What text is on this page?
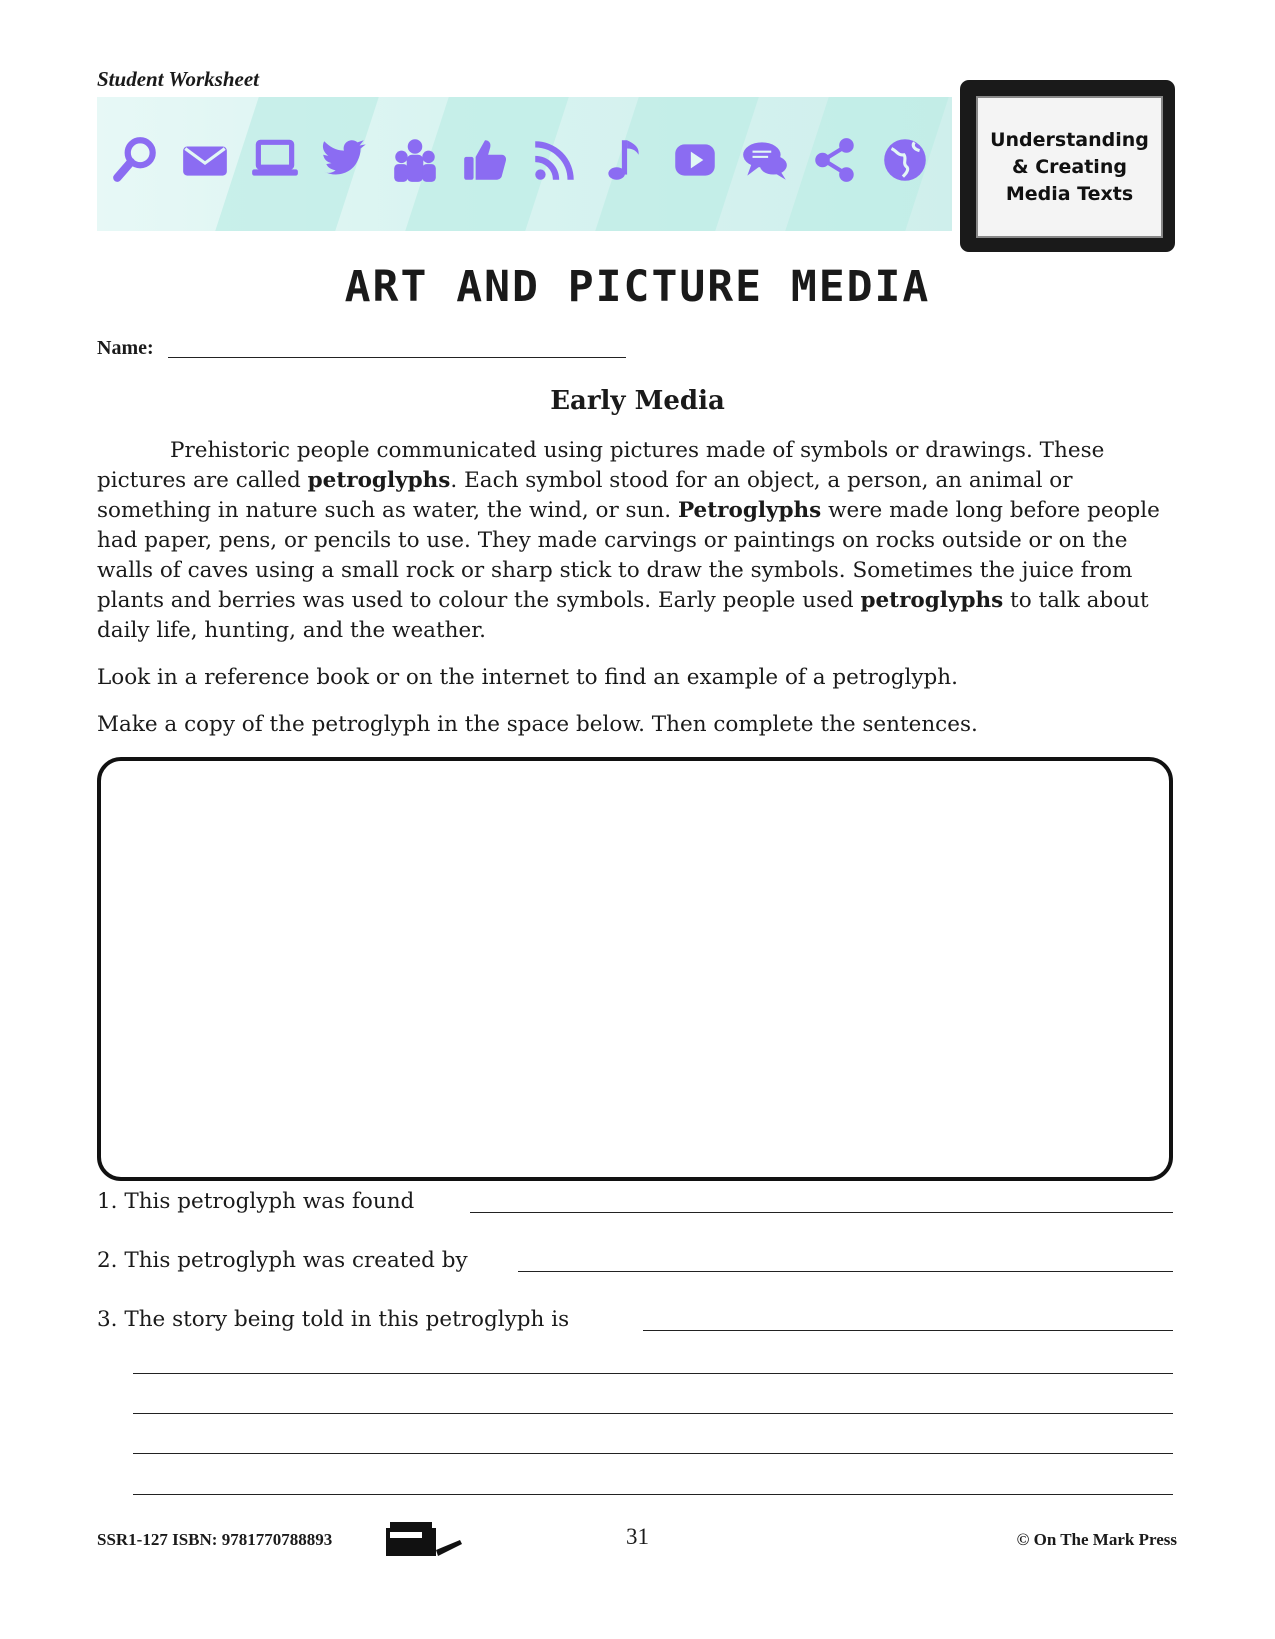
Student Worksheet
Understanding
& Creating
Media Texts
ART AND PICTURE MEDIA
Name:
Early Media
Prehistoric people communicated using pictures made of symbols or drawings. These pictures are called petroglyphs. Each symbol stood for an object, a person, an animal or something in nature such as water, the wind, or sun. Petroglyphs were made long before people had paper, pens, or pencils to use. They made carvings or paintings on rocks outside or on the walls of caves using a small rock or sharp stick to draw the symbols. Sometimes the juice from plants and berries was used to colour the symbols. Early people used petroglyphs to talk about daily life, hunting, and the weather.
Look in a reference book or on the internet to find an example of a petroglyph.
Make a copy of the petroglyph in the space below. Then complete the sentences.
1. This petroglyph was found
2. This petroglyph was created by
3. The story being told in this petroglyph is
SSR1-127 ISBN: 9781770788893	31	© On The Mark Press
